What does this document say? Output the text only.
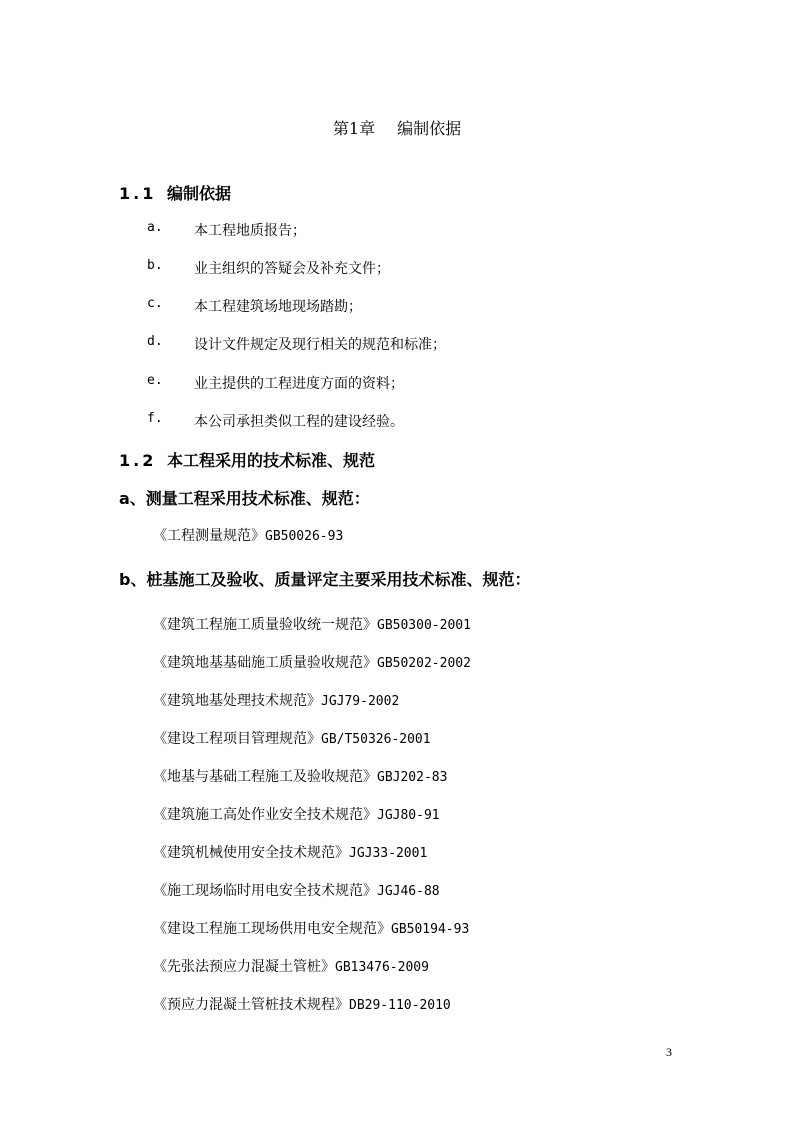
第1章 编制依据
1.1 编制依据
a. 本工程地质报告；
b. 业主组织的答疑会及补充文件；
c. 本工程建筑场地现场踏勘；
d. 设计文件规定及现行相关的规范和标准；
e. 业主提供的工程进度方面的资料；
f. 本公司承担类似工程的建设经验。
1.2 本工程采用的技术标准、规范
a、测量工程采用技术标准、规范：
《工程测量规范》GB50026-93
b、桩基施工及验收、质量评定主要采用技术标准、规范：
《建筑工程施工质量验收统一规范》GB50300-2001
《建筑地基基础施工质量验收规范》GB50202-2002
《建筑地基处理技术规范》JGJ79-2002
《建设工程项目管理规范》GB/T50326-2001
《地基与基础工程施工及验收规范》GBJ202-83
《建筑施工高处作业安全技术规范》JGJ80-91
《建筑机械使用安全技术规范》JGJ33-2001
《施工现场临时用电安全技术规范》JGJ46-88
《建设工程施工现场供用电安全规范》GB50194-93
《先张法预应力混凝土管桩》GB13476-2009
《预应力混凝土管桩技术规程》DB29-110-2010
3
